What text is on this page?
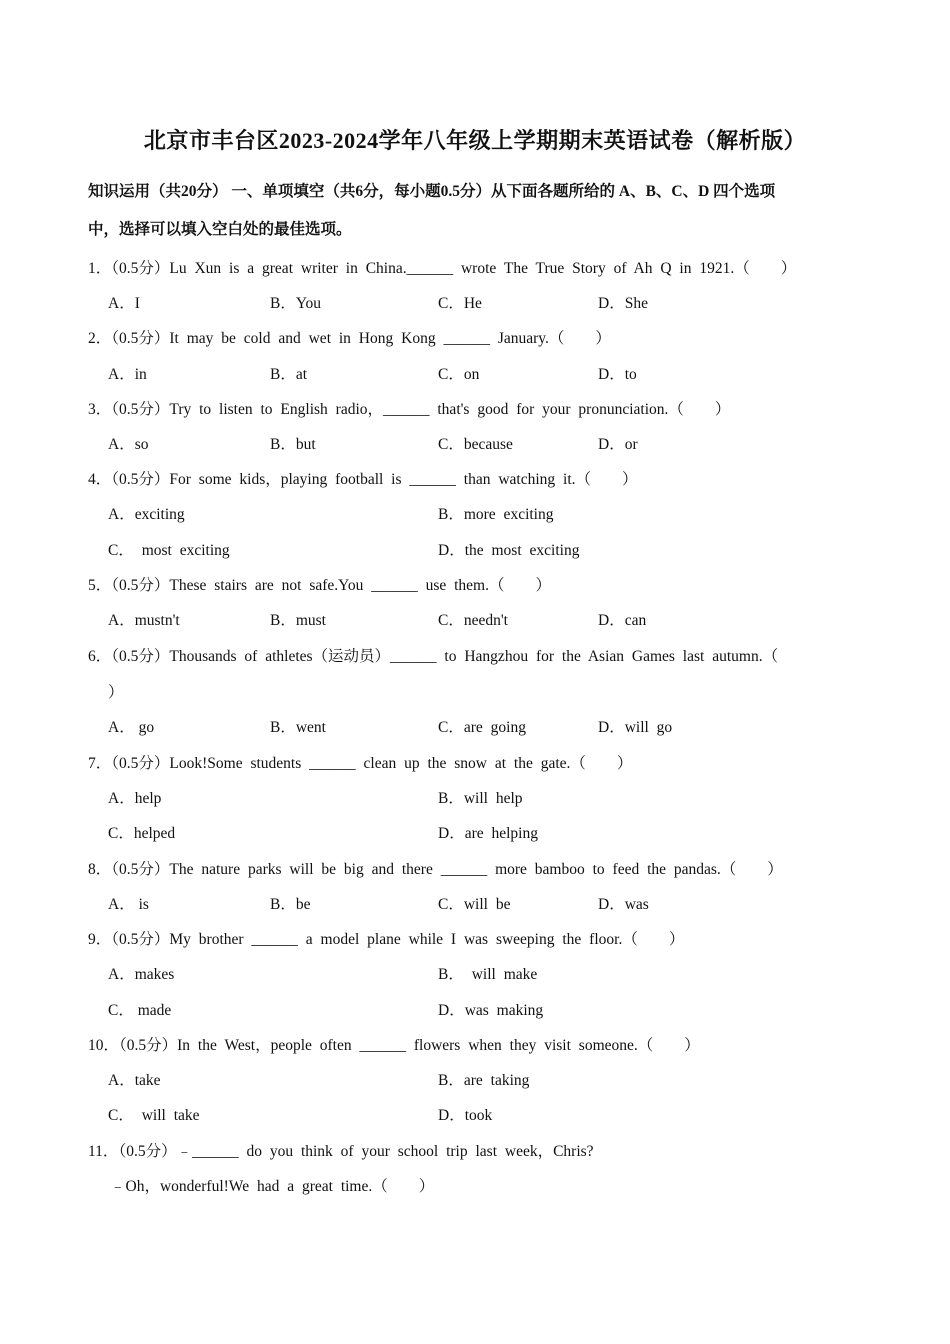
北京市丰台区2023-2024学年八年级上学期期末英语试卷（解析版）
知识运用（共20分） 一、单项填空（共6分，每小题0.5分）从下面各题所给的 A、B、C、D 四个选项
中，选择可以填入空白处的最佳选项。
1．（0.5分）Lu Xun is a great writer in China.______ wrote The True Story of Ah Q in 1921.（　　）
A．I	B．You	C．He	D．She
2．（0.5分）It may be cold and wet in Hong Kong ______ January.（　　）
A．in	B．at	C．on	D．to
3．（0.5分）Try to listen to English radio，______ that's good for your pronunciation.（　　）
A．so	B．but	C．because	D．or
4．（0.5分）For some kids，playing football is ______ than watching it.（　　）
A．exciting	B．more exciting
C． most exciting	D．the most exciting
5．（0.5分）These stairs are not safe.You ______ use them.（　　）
A．mustn't	B．must	C．needn't	D．can
6．（0.5分）Thousands of athletes（运动员）______ to Hangzhou for the Asian Games last autumn.（
）
A． go	B．went	C．are going	D．will go
7．（0.5分）Look!Some students ______ clean up the snow at the gate.（　　）
A．help	B．will help
C．helped	D．are helping
8．（0.5分）The nature parks will be big and there ______ more bamboo to feed the pandas.（　　）
A． is	B．be	C．will be	D．was
9．（0.5分）My brother ______ a model plane while I was sweeping the floor.（　　）
A．makes	B． will make
C． made	D．was making
10．（0.5分）In the West，people often ______ flowers when they visit someone.（　　）
A．take	B．are taking
C． will take	D．took
11．（0.5分）﹣______ do you think of your school trip last week，Chris?
﹣Oh，wonderful!We had a great time.（　　）
